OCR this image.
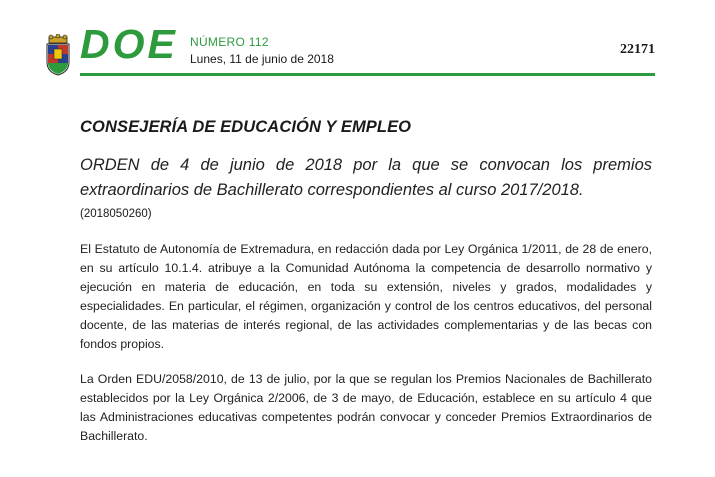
DOE NÚMERO 112
Lunes, 11 de junio de 2018
22171
CONSEJERÍA DE EDUCACIÓN Y EMPLEO

ORDEN de 4 de junio de 2018 por la que se convocan los premios extraordinarios de Bachillerato correspondientes al curso 2017/2018.

(2018050260)

El Estatuto de Autonomía de Extremadura, en redacción dada por Ley Orgánica 1/2011, de 28 de enero, en su artículo 10.1.4. atribuye a la Comunidad Autónoma la competencia de desarrollo normativo y ejecución en materia de educación, en toda su extensión, niveles y grados, modalidades y especialidades. En particular, el régimen, organización y control de los centros educativos, del personal docente, de las materias de interés regional, de las actividades complementarias y de las becas con fondos propios.

La Orden EDU/2058/2010, de 13 de julio, por la que se regulan los Premios Nacionales de Bachillerato establecidos por la Ley Orgánica 2/2006, de 3 de mayo, de Educación, establece en su artículo 4 que las Administraciones educativas competentes podrán convocar y conceder Premios Extraordinarios de Bachillerato.
